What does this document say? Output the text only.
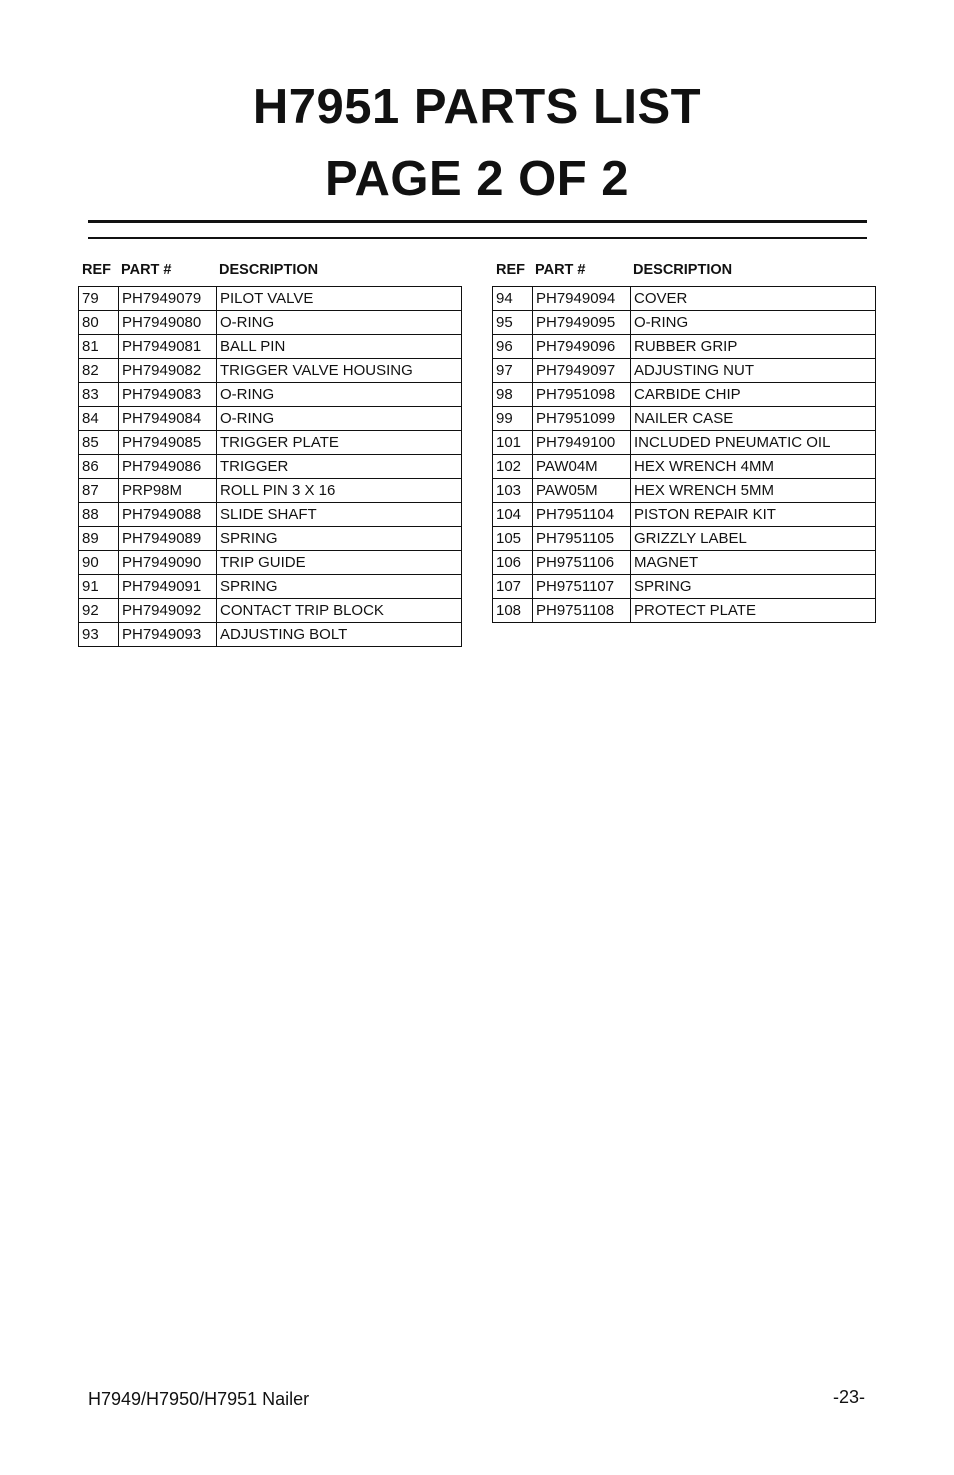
H7951 PARTS LIST
PAGE 2 OF 2
REF PART #	DESCRIPTION
79	PH7949079	PILOT VALVE
80	PH7949080	O-RING
81	PH7949081	BALL PIN
82	PH7949082	TRIGGER VALVE HOUSING
83	PH7949083	O-RING
84	PH7949084	O-RING
85	PH7949085	TRIGGER PLATE
86	PH7949086	TRIGGER
87	PRP98M	ROLL PIN 3 X 16
88	PH7949088	SLIDE SHAFT
89	PH7949089	SPRING
90	PH7949090	TRIP GUIDE
91	PH7949091	SPRING
92	PH7949092	CONTACT TRIP BLOCK
93	PH7949093	ADJUSTING BOLT
REF PART #	DESCRIPTION
94	PH7949094	COVER
95	PH7949095	O-RING
96	PH7949096	RUBBER GRIP
97	PH7949097	ADJUSTING NUT
98	PH7951098	CARBIDE CHIP
99	PH7951099	NAILER CASE
101	PH7949100	INCLUDED PNEUMATIC OIL
102	PAW04M	HEX WRENCH 4MM
103	PAW05M	HEX WRENCH 5MM
104	PH7951104	PISTON REPAIR KIT
105	PH7951105	GRIZZLY LABEL
106	PH9751106	MAGNET
107	PH9751107	SPRING
108	PH9751108	PROTECT PLATE
H7949/H7950/H7951 Nailer	-23-
